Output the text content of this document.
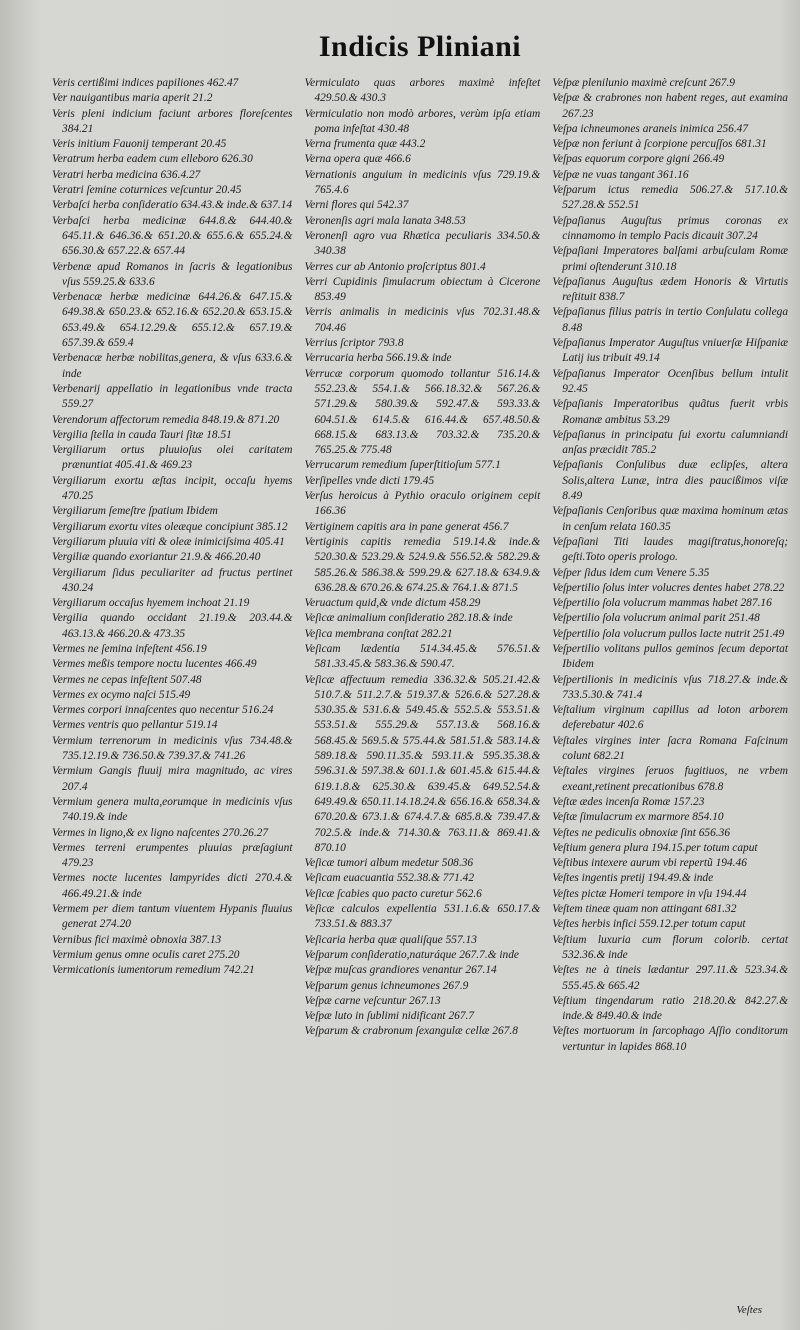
Indicis Pliniani

Veris certißimi indices papiliones 462.47

Ver nauigantibus maria aperit 21.2

Veris pleni indicium faciunt arbores floreſcentes 384.21

Veris initium Fauonij temperant 20.45

Veratrum herba eadem cum elleboro 626.30

Veratri herba medicina 636.4.27

Veratri ſemine coturnices veſcuntur 20.45

Verbaſci herba conſideratio 634.43.& inde.& 637.14

Verbaſci herba medicinæ 644.8.& 644.40.& 645.11.& 646.36.& 651.20.& 655.6.& 655.24.& 656.30.& 657.22.& 657.44

Verbenæ apud Romanos in ſacris & legationibus vſus 559.25.& 633.6

Verbenacæ herbæ medicinæ 644.26.& 647.15.& 649.38.& 650.23.& 652.16.& 652.20.& 653.15.& 653.49.& 654.12.29.& 655.12.& 657.19.& 657.39.& 659.4

Verbenacæ herbæ nobilitas,genera, & vſus 633.6.& inde

Verbenarij appellatio in legationibus vnde tracta 559.27

Verendorum affectorum remedia 848.19.& 871.20

Vergilia ſtella in cauda Tauri ſitæ 18.51

Vergiliarum ortus pluuioſus olei caritatem prænuntiat 405.41.& 469.23

Vergiliarum exortu æſtas incipit, occaſu hyems 470.25

Vergiliarum ſemeſtre ſpatium Ibidem

Vergiliarum exortu vites oleæque concipiunt 385.12

Vergiliarum pluuia viti & oleæ inimiciſsima 405.41

Vergiliæ quando exoriantur 21.9.& 466.20.40

Vergiliarum ſidus peculiariter ad fructus pertinet 430.24

Vergiliarum occaſus hyemem inchoat 21.19

Vergilia quando occidant 21.19.& 203.44.& 463.13.& 466.20.& 473.35

Vermes ne ſemina infeſtent 456.19

Vermes meßis tempore noctu lucentes 466.49

Vermes ne cepas infeſtent 507.48

Vermes ex ocymo naſci 515.49

Vermes corpori innaſcentes quo necentur 516.24

Vermes ventris quo pellantur 519.14

Vermium terrenorum in medicinis vſus 734.48.& 735.12.19.& 736.50.& 739.37.& 741.26

Vermium Gangis fluuij mira magnitudo, ac vires 207.4

Vermium genera multa,eorumque in medicinis vſus 740.19.& inde

Vermes in ligno,& ex ligno naſcentes 270.26.27

Vermes terreni erumpentes pluuias præſagiunt 479.23

Vermes nocte lucentes lampyrides dicti 270.4.& 466.49.21.& inde

Vermem per diem tantum viuentem Hypanis fluuius generat 274.20

Vernibus fici maximè obnoxia 387.13

Vermium genus omne oculis caret 275.20

Vermicationis iumentorum remedium 742.21

Vermiculato quas arbores maximè infeſtet 429.50.& 430.3

Vermiculatio non modò arbores, verùm ipſa etiam poma infeſtat 430.48

Verna frumenta quæ 443.2

Verna opera quæ 466.6

Vernationis anguium in medicinis vſus 729.19.& 765.4.6

Verni flores qui 542.37

Veronenſis agri mala lanata 348.53

Veronenſi agro vua Rhætica peculiaris 334.50.& 340.38

Verres cur ab Antonio proſcriptus 801.4

Verri Cupidinis ſimulacrum obiectum à Cicerone 853.49

Verris animalis in medicinis vſus 702.31.48.& 704.46

Verrius ſcriptor 793.8

Verrucaria herba 566.19.& inde

Verrucæ corporum quomodo tollantur 516.14.& 552.23.& 554.1.& 566.18.32.& 567.26.& 571.29.& 580.39.& 592.47.& 593.33.& 604.51.& 614.5.& 616.44.& 657.48.50.& 668.15.& 683.13.& 703.32.& 735.20.& 765.25.& 775.48

Verrucarum remedium ſuperſtitioſum 577.1

Verſipelles vnde dicti 179.45

Verſus heroicus à Pythio oraculo originem cepit 166.36

Vertiginem capitis ara in pane generat 456.7

Vertiginis capitis remedia 519.14.& inde.& 520.30.& 523.29.& 524.9.& 556.52.& 582.29.& 585.26.& 586.38.& 599.29.& 627.18.& 634.9.& 636.28.& 670.26.& 674.25.& 764.1.& 871.5

Veruactum quid,& vnde dictum 458.29

Veſicæ animalium conſideratio 282.18.& inde

Veſica membrana conſtat 282.21

Veſicam lædentia 514.34.45.& 576.51.& 581.33.45.& 583.36.& 590.47.

Veſicæ affectuum remedia 336.32.& 505.21.42.& 510.7.& 511.2.7.& 519.37.& 526.6.& 527.28.& 530.35.& 531.6.& 549.45.& 552.5.& 553.51.& 553.51.& 555.29.& 557.13.& 568.16.& 568.45.& 569.5.& 575.44.& 581.51.& 583.14.& 589.18.& 590.11.35.& 593.11.& 595.35.38.& 596.31.& 597.38.& 601.1.& 601.45.& 615.44.& 619.1.8.& 625.30.& 639.45.& 649.52.54.& 649.49.& 650.11.14.18.24.& 656.16.& 658.34.& 670.20.& 673.1.& 674.4.7.& 685.8.& 739.47.& 702.5.& inde.& 714.30.& 763.11.& 869.41.& 870.10

Veſicæ tumori album medetur 508.36

Veſicam euacuantia 552.38.& 771.42

Veſicæ ſcabies quo pacto curetur 562.6

Veſicæ calculos expellentia 531.1.6.& 650.17.& 733.51.& 883.37

Veſicaria herba quæ qualiſque 557.13

Veſparum conſideratio,naturáque 267.7.& inde

Veſpæ muſcas grandiores venantur 267.14

Veſparum genus ichneumones 267.9

Veſpæ carne veſcuntur 267.13

Veſpæ luto in ſublimi nidificant 267.7

Veſparum & crabronum ſexangulæ cellæ 267.8

Veſpæ plenilunio maximè creſcunt 267.9

Veſpæ & crabrones non habent reges, aut examina 267.23

Veſpa ichneumones araneis inimica 256.47

Veſpæ non feriunt à ſcorpione percuſſos 681.31

Veſpas equorum corpore gigni 266.49

Veſpæ ne vuas tangant 361.16

Veſparum ictus remedia 506.27.& 517.10.& 527.28.& 552.51

Veſpaſianus Auguſtus primus coronas ex cinnamomo in templo Pacis dicauit 307.24

Veſpaſiani Imperatores balſami arbuſculam Romæ primi oſtenderunt 310.18

Veſpaſianus Auguſtus ædem Honoris & Virtutis reſtituit 838.7

Veſpaſianus filius patris in tertio Conſulatu collega 8.48

Veſpaſianus Imperator Auguſtus vniuerſæ Hiſpaniæ Latij ius tribuit 49.14

Veſpaſianus Imperator Ocenſibus bellum intulit 92.45

Veſpaſianis Imperatoribus quãtus fuerit vrbis Romanæ ambitus 53.29

Veſpaſianus in principatu ſui exortu calumniandi anſas præcidit 785.2

Veſpaſianis Conſulibus duæ eclipſes, altera Solis,altera Lunæ, intra dies paucißimos viſæ 8.49

Veſpaſianis Cenſoribus quæ maxima hominum ætas in cenſum relata 160.35

Veſpaſiani Titi laudes magiſtratus,honoreſq; geſti.Toto operis prologo.

Veſper ſidus idem cum Venere 5.35

Veſpertilio ſolus inter volucres dentes habet 278.22

Veſpertilio ſola volucrum mammas habet 287.16

Veſpertilio ſola volucrum animal parit 251.48

Veſpertilio ſola volucrum pullos lacte nutrit 251.49

Veſpertilio volitans pullos geminos ſecum deportat Ibidem

Veſpertilionis in medicinis vſus 718.27.& inde.& 733.5.30.& 741.4

Veſtalium virginum capillus ad loton arborem deferebatur 402.6

Veſtales virgines inter ſacra Romana Faſcinum colunt 682.21

Veſtales virgines ſeruos fugitiuos, ne vrbem exeant,retinent precationibus 678.8

Veſtæ ædes incenſa Romæ 157.23

Veſtæ ſimulacrum ex marmore 854.10

Veſtes ne pediculis obnoxiæ ſint 656.36

Veſtium genera plura 194.15.per totum caput

Veſtibus intexere aurum vbi repertũ 194.46

Veſtes ingentis pretij 194.49.& inde

Veſtes pictæ Homeri tempore in vſu 194.44

Veſtem tineæ quam non attingant 681.32

Veſtes herbis infici 559.12.per totum caput

Veſtium luxuria cum florum colorib. certat 532.36.& inde

Veſtes ne à tineis lædantur 297.11.& 523.34.& 555.45.& 665.42

Veſtium tingendarum ratio 218.20.& 842.27.& inde.& 849.40.& inde

Veſtes mortuorum in ſarcophago Aſſio conditorum vertuntur in lapides 868.10

Veſtes
